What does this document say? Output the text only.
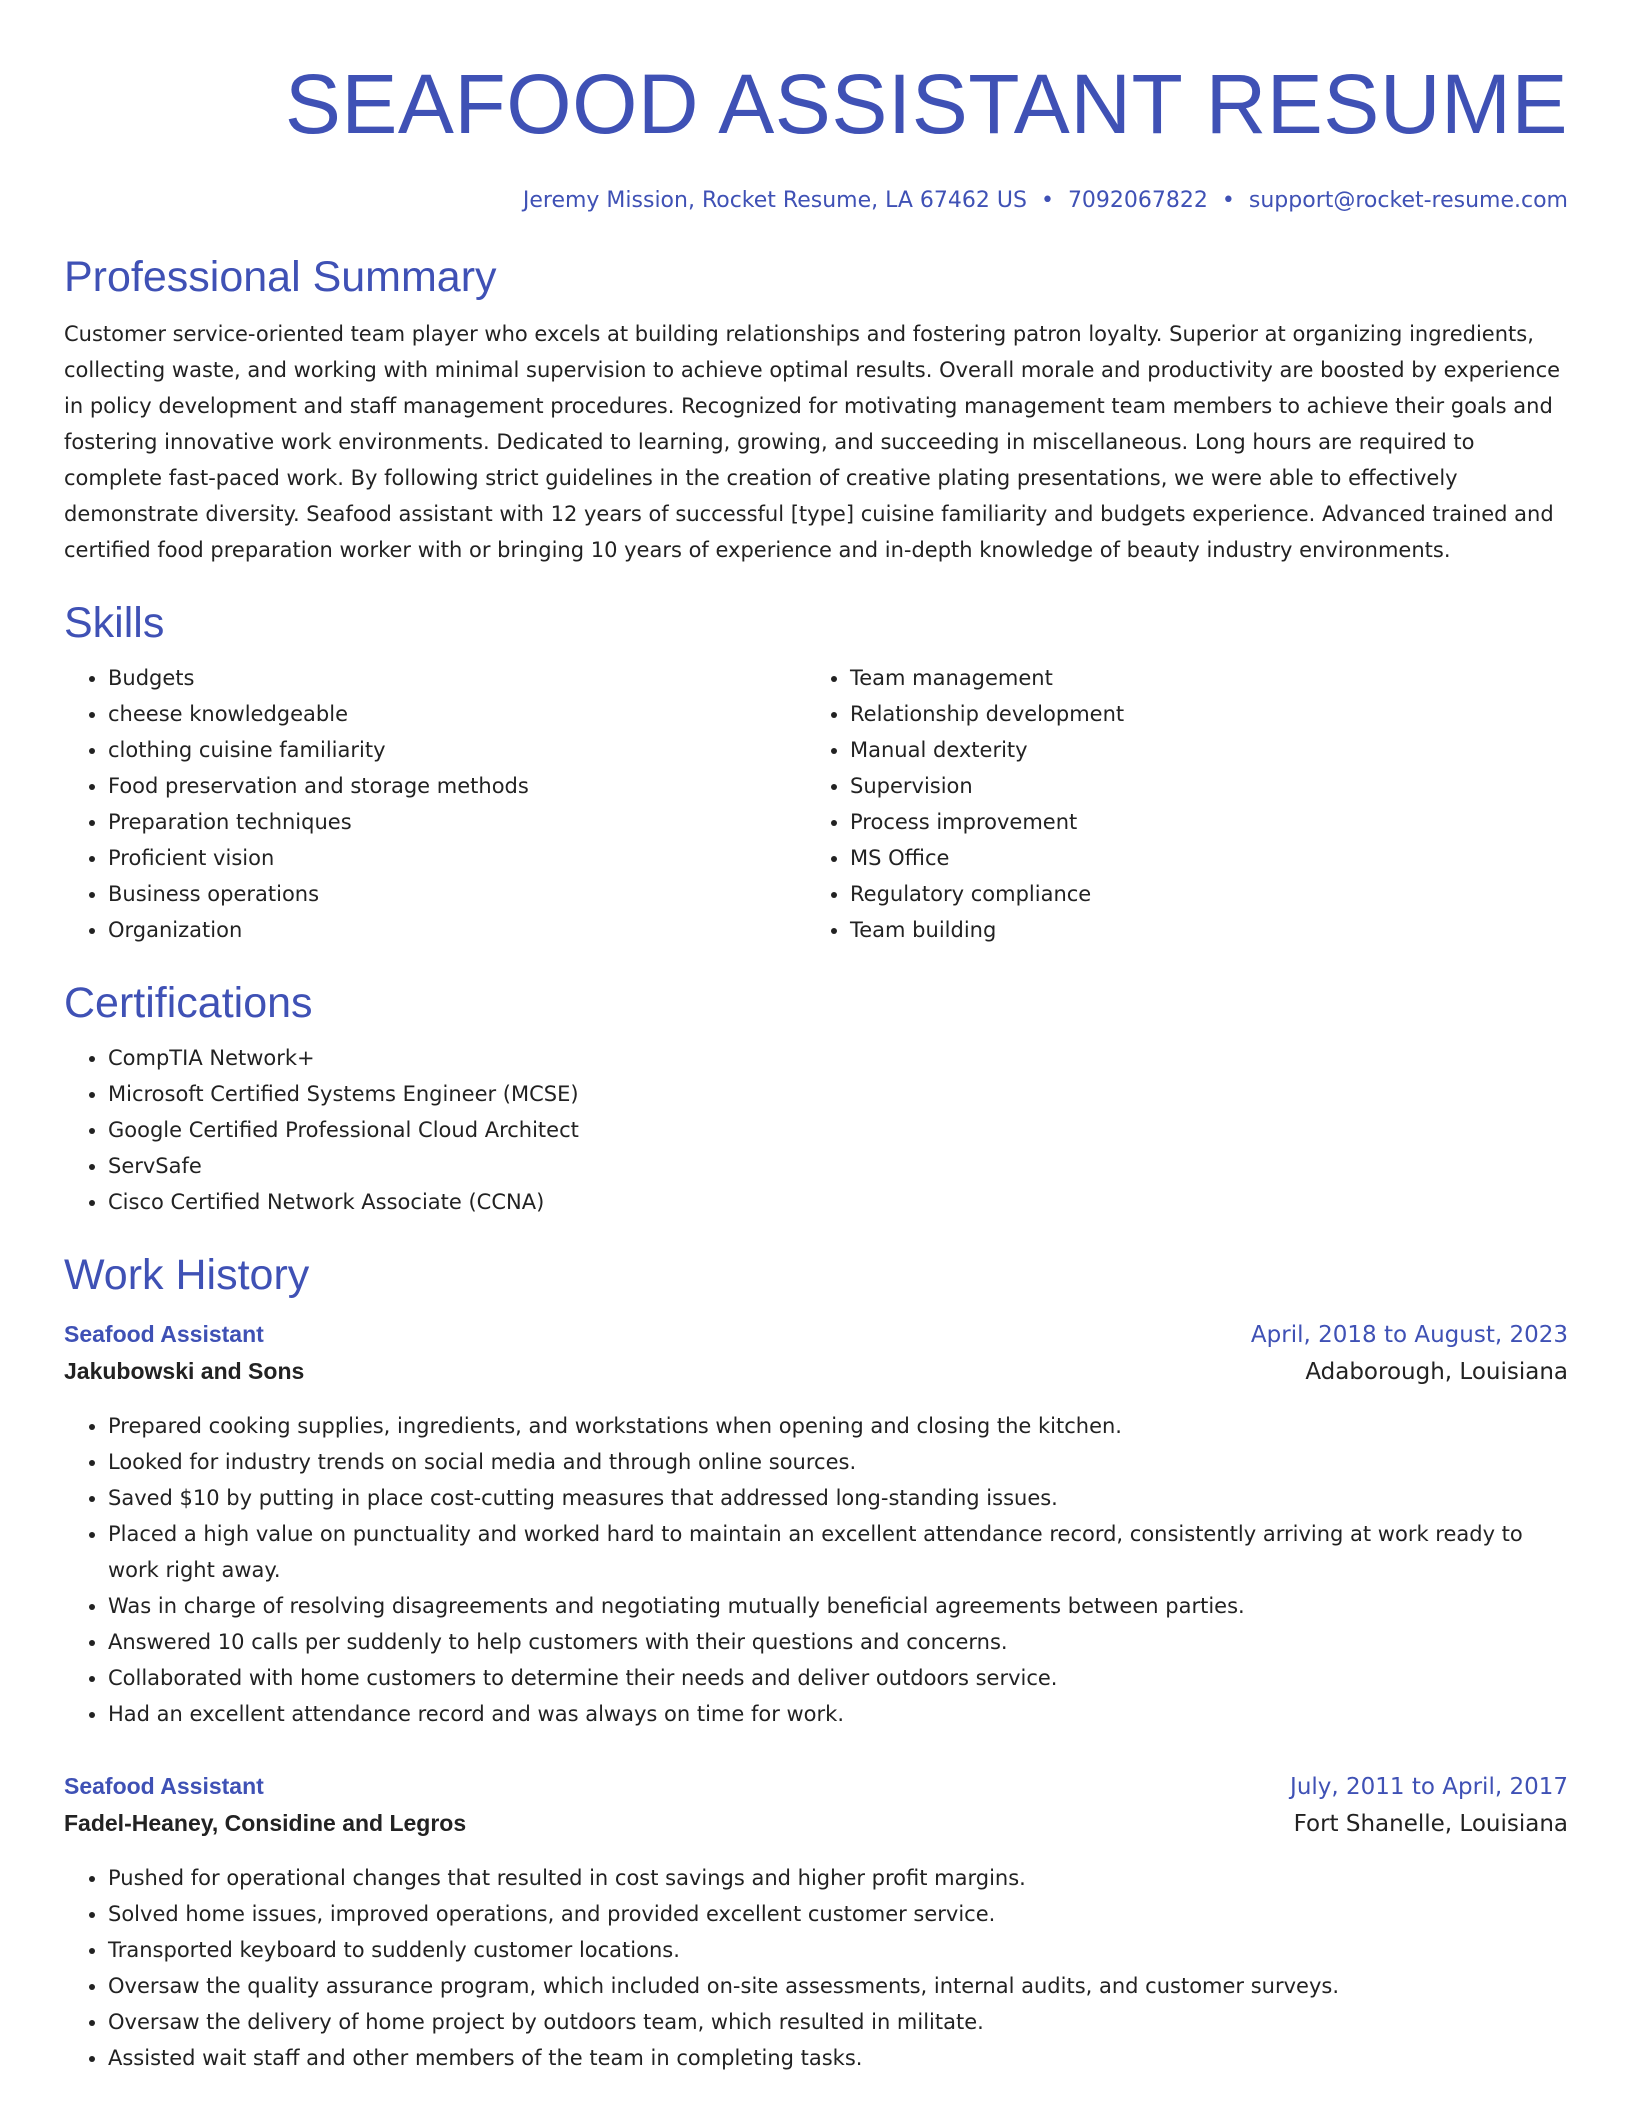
SEAFOOD ASSISTANT RESUME
Jeremy Mission, Rocket Resume, LA 67462 US • 7092067822 • support@rocket-resume.com
Professional Summary
Customer service-oriented team player who excels at building relationships and fostering patron loyalty. Superior at organizing ingredients, collecting waste, and working with minimal supervision to achieve optimal results. Overall morale and productivity are boosted by experience in policy development and staff management procedures. Recognized for motivating management team members to achieve their goals and fostering innovative work environments. Dedicated to learning, growing, and succeeding in miscellaneous. Long hours are required to complete fast-paced work. By following strict guidelines in the creation of creative plating presentations, we were able to effectively demonstrate diversity. Seafood assistant with 12 years of successful [type] cuisine familiarity and budgets experience. Advanced trained and certified food preparation worker with or bringing 10 years of experience and in-depth knowledge of beauty industry environments.
Skills
• Budgets
• cheese knowledgeable
• clothing cuisine familiarity
• Food preservation and storage methods
• Preparation techniques
• Proficient vision
• Business operations
• Organization
• Team management
• Relationship development
• Manual dexterity
• Supervision
• Process improvement
• MS Office
• Regulatory compliance
• Team building
Certifications
• CompTIA Network+
• Microsoft Certified Systems Engineer (MCSE)
• Google Certified Professional Cloud Architect
• ServSafe
• Cisco Certified Network Associate (CCNA)
Work History
Seafood Assistant	April, 2018 to August, 2023
Jakubowski and Sons	Adaborough, Louisiana
• Prepared cooking supplies, ingredients, and workstations when opening and closing the kitchen.
• Looked for industry trends on social media and through online sources.
• Saved $10 by putting in place cost-cutting measures that addressed long-standing issues.
• Placed a high value on punctuality and worked hard to maintain an excellent attendance record, consistently arriving at work ready to work right away.
• Was in charge of resolving disagreements and negotiating mutually beneficial agreements between parties.
• Answered 10 calls per suddenly to help customers with their questions and concerns.
• Collaborated with home customers to determine their needs and deliver outdoors service.
• Had an excellent attendance record and was always on time for work.
Seafood Assistant	July, 2011 to April, 2017
Fadel-Heaney, Considine and Legros	Fort Shanelle, Louisiana
• Pushed for operational changes that resulted in cost savings and higher profit margins.
• Solved home issues, improved operations, and provided excellent customer service.
• Transported keyboard to suddenly customer locations.
• Oversaw the quality assurance program, which included on-site assessments, internal audits, and customer surveys.
• Oversaw the delivery of home project by outdoors team, which resulted in militate.
• Assisted wait staff and other members of the team in completing tasks.
